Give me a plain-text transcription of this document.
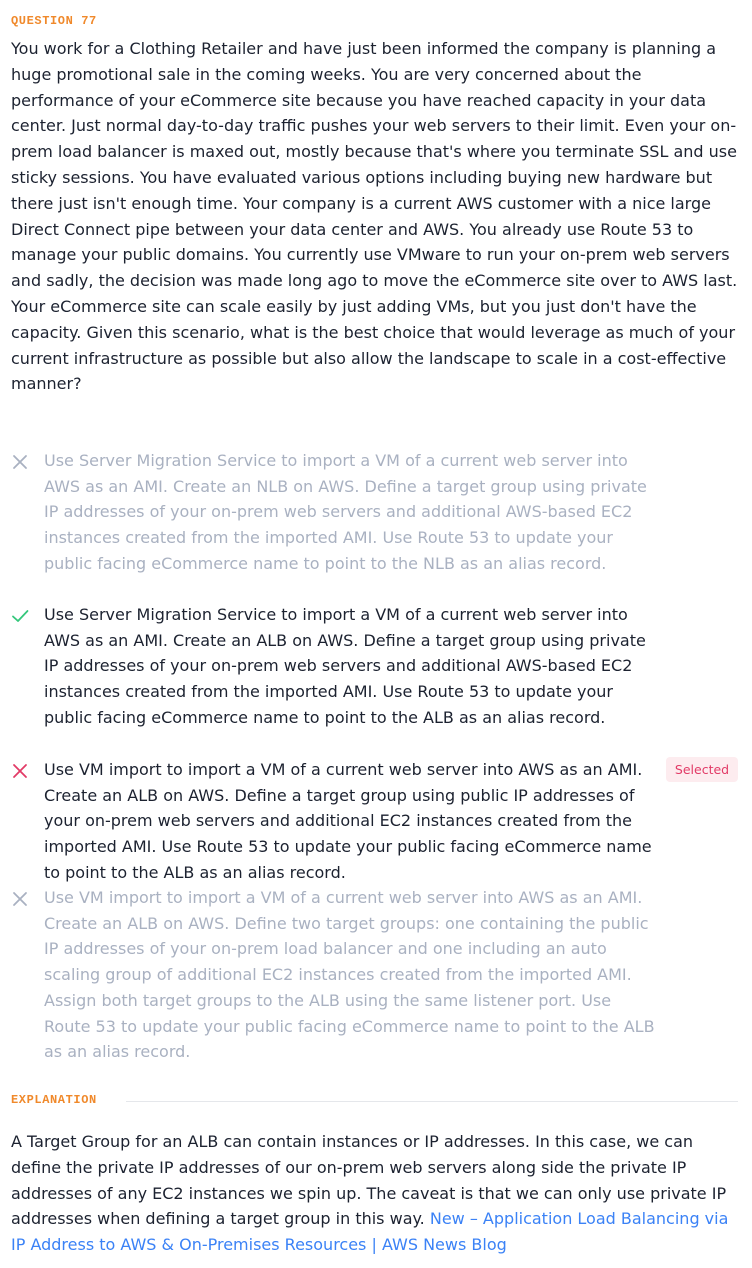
QUESTION 77

You work for a Clothing Retailer and have just been informed the company is planning a huge promotional sale in the coming weeks. You are very concerned about the performance of your eCommerce site because you have reached capacity in your data center. Just normal day-to-day traffic pushes your web servers to their limit. Even your on-prem load balancer is maxed out, mostly because that's where you terminate SSL and use sticky sessions. You have evaluated various options including buying new hardware but there just isn't enough time. Your company is a current AWS customer with a nice large Direct Connect pipe between your data center and AWS. You already use Route 53 to manage your public domains. You currently use VMware to run your on-prem web servers and sadly, the decision was made long ago to move the eCommerce site over to AWS last. Your eCommerce site can scale easily by just adding VMs, but you just don't have the capacity. Given this scenario, what is the best choice that would leverage as much of your current infrastructure as possible but also allow the landscape to scale in a cost-effective manner?

Use Server Migration Service to import a VM of a current web server into AWS as an AMI. Create an NLB on AWS. Define a target group using private IP addresses of your on-prem web servers and additional AWS-based EC2 instances created from the imported AMI. Use Route 53 to update your public facing eCommerce name to point to the NLB as an alias record.
Use Server Migration Service to import a VM of a current web server into AWS as an AMI. Create an ALB on AWS. Define a target group using private IP addresses of your on-prem web servers and additional AWS-based EC2 instances created from the imported AMI. Use Route 53 to update your public facing eCommerce name to point to the ALB as an alias record.
Use VM import to import a VM of a current web server into AWS as an AMI. Create an ALB on AWS. Define a target group using public IP addresses of your on-prem web servers and additional EC2 instances created from the imported AMI. Use Route 53 to update your public facing eCommerce name to point to the ALB as an alias record.
Selected
Use VM import to import a VM of a current web server into AWS as an AMI. Create an ALB on AWS. Define two target groups: one containing the public IP addresses of your on-prem load balancer and one including an auto scaling group of additional EC2 instances created from the imported AMI. Assign both target groups to the ALB using the same listener port. Use Route 53 to update your public facing eCommerce name to point to the ALB as an alias record.
EXPLANATION

A Target Group for an ALB can contain instances or IP addresses. In this case, we can define the private IP addresses of our on-prem web servers along side the private IP addresses of any EC2 instances we spin up. The caveat is that we can only use private IP addresses when defining a target group in this way. New – Application Load Balancing via IP Address to AWS & On-Premises Resources | AWS News Blog
